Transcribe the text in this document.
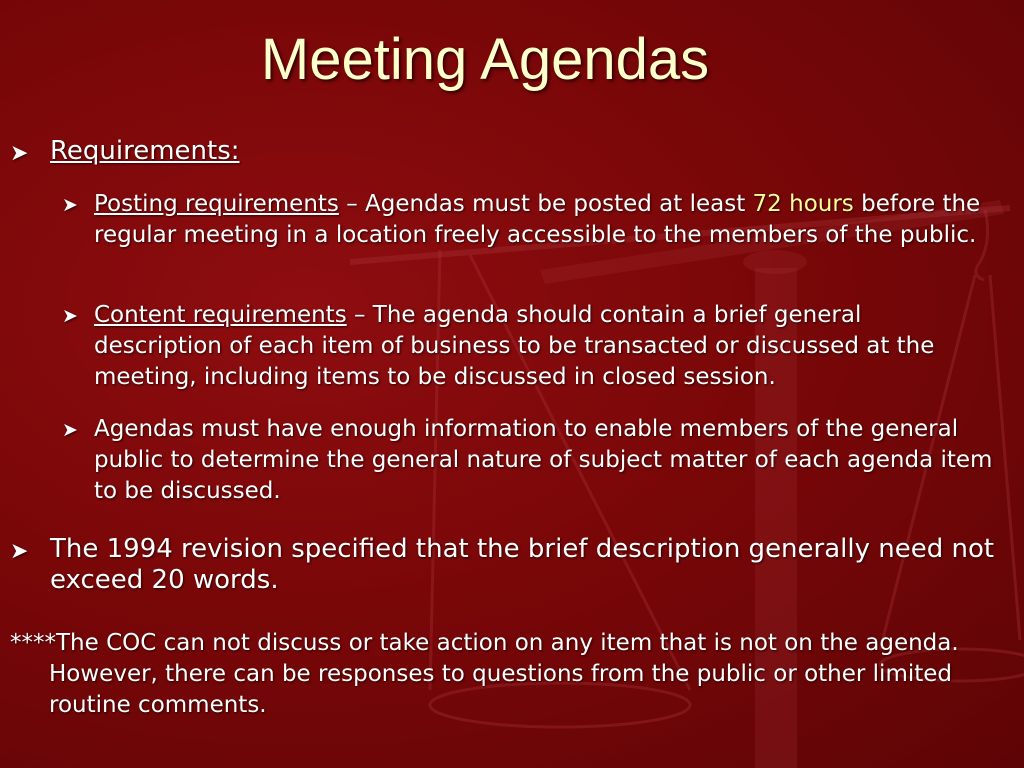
Meeting Agendas
➤ Requirements:
➤ Posting requirements – Agendas must be posted at least 72 hours before the regular meeting in a location freely accessible to the members of the public.
➤ Content requirements – The agenda should contain a brief general description of each item of business to be transacted or discussed at the meeting, including items to be discussed in closed session.
➤ Agendas must have enough information to enable members of the general public to determine the general nature of subject matter of each agenda item to be discussed.
➤ The 1994 revision specified that the brief description generally need not exceed 20 words.
****The COC can not discuss or take action on any item that is not on the agenda. However, there can be responses to questions from the public or other limited routine comments.
